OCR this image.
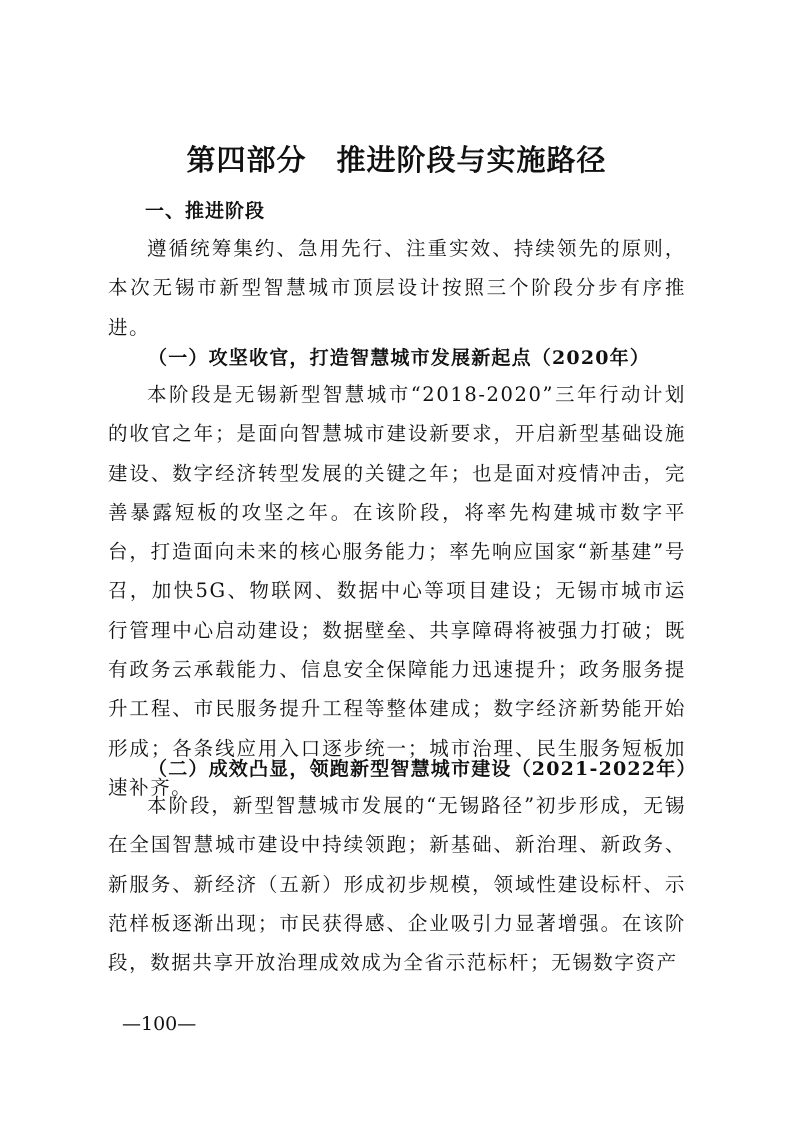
第四部分　推进阶段与实施路径
一、推进阶段

遵循统筹集约、急用先行、注重实效、持续领先的原则，本次无锡市新型智慧城市顶层设计按照三个阶段分步有序推进。

（一）攻坚收官，打造智慧城市发展新起点（2020年）

本阶段是无锡新型智慧城市“2018-2020”三年行动计划的收官之年；是面向智慧城市建设新要求，开启新型基础设施建设、数字经济转型发展的关键之年；也是面对疫情冲击，完善暴露短板的攻坚之年。在该阶段，将率先构建城市数字平台，打造面向未来的核心服务能力；率先响应国家“新基建”号召，加快5G、物联网、数据中心等项目建设；无锡市城市运行管理中心启动建设；数据壁垒、共享障碍将被强力打破；既有政务云承载能力、信息安全保障能力迅速提升；政务服务提升工程、市民服务提升工程等整体建成；数字经济新势能开始形成；各条线应用入口逐步统一；城市治理、民生服务短板加速补齐。

（二）成效凸显，领跑新型智慧城市建设（2021-2022年）

本阶段，新型智慧城市发展的“无锡路径”初步形成，无锡在全国智慧城市建设中持续领跑；新基础、新治理、新政务、新服务、新经济（五新）形成初步规模，领域性建设标杆、示范样板逐渐出现；市民获得感、企业吸引力显著增强。在该阶段，数据共享开放治理成效成为全省示范标杆；无锡数字资产

—100—
